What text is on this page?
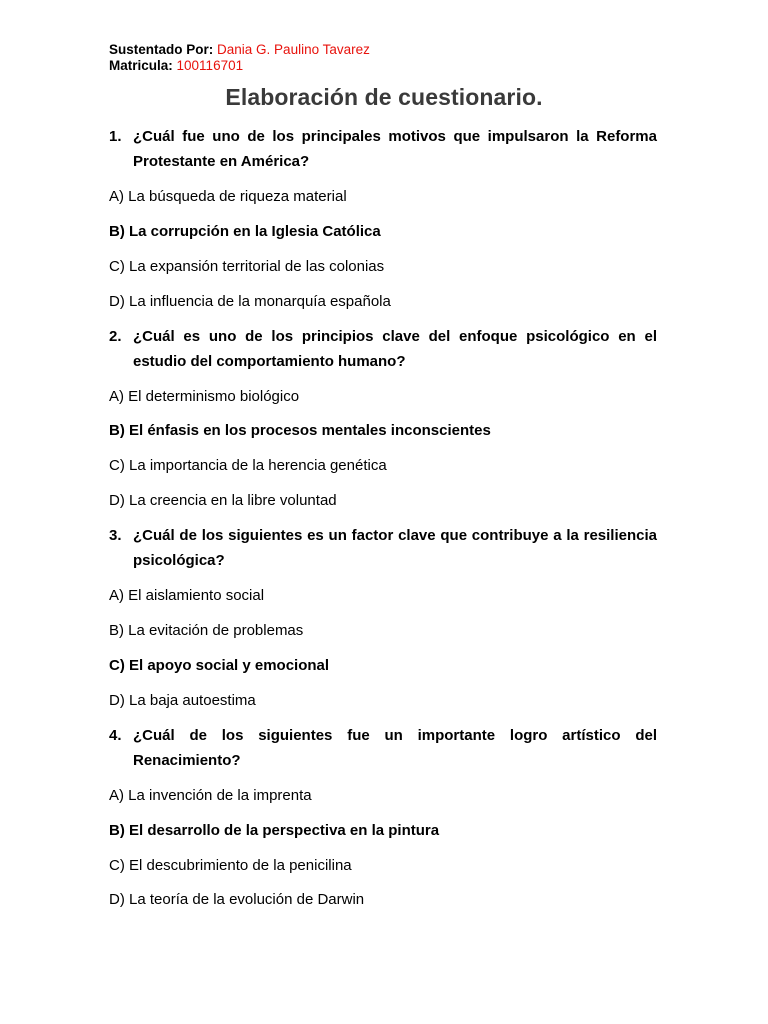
Sustentado Por: Dania G. Paulino Tavarez
Matricula: 100116701
Elaboración de cuestionario.
1. ¿Cuál fue uno de los principales motivos que impulsaron la Reforma Protestante en América?
A) La búsqueda de riqueza material
B) La corrupción en la Iglesia Católica
C) La expansión territorial de las colonias
D) La influencia de la monarquía española
2. ¿Cuál es uno de los principios clave del enfoque psicológico en el estudio del comportamiento humano?
A) El determinismo biológico
B) El énfasis en los procesos mentales inconscientes
C) La importancia de la herencia genética
D) La creencia en la libre voluntad
3. ¿Cuál de los siguientes es un factor clave que contribuye a la resiliencia psicológica?
A) El aislamiento social
B) La evitación de problemas
C) El apoyo social y emocional
D) La baja autoestima
4. ¿Cuál de los siguientes fue un importante logro artístico del Renacimiento?
A) La invención de la imprenta
B) El desarrollo de la perspectiva en la pintura
C) El descubrimiento de la penicilina
D) La teoría de la evolución de Darwin
